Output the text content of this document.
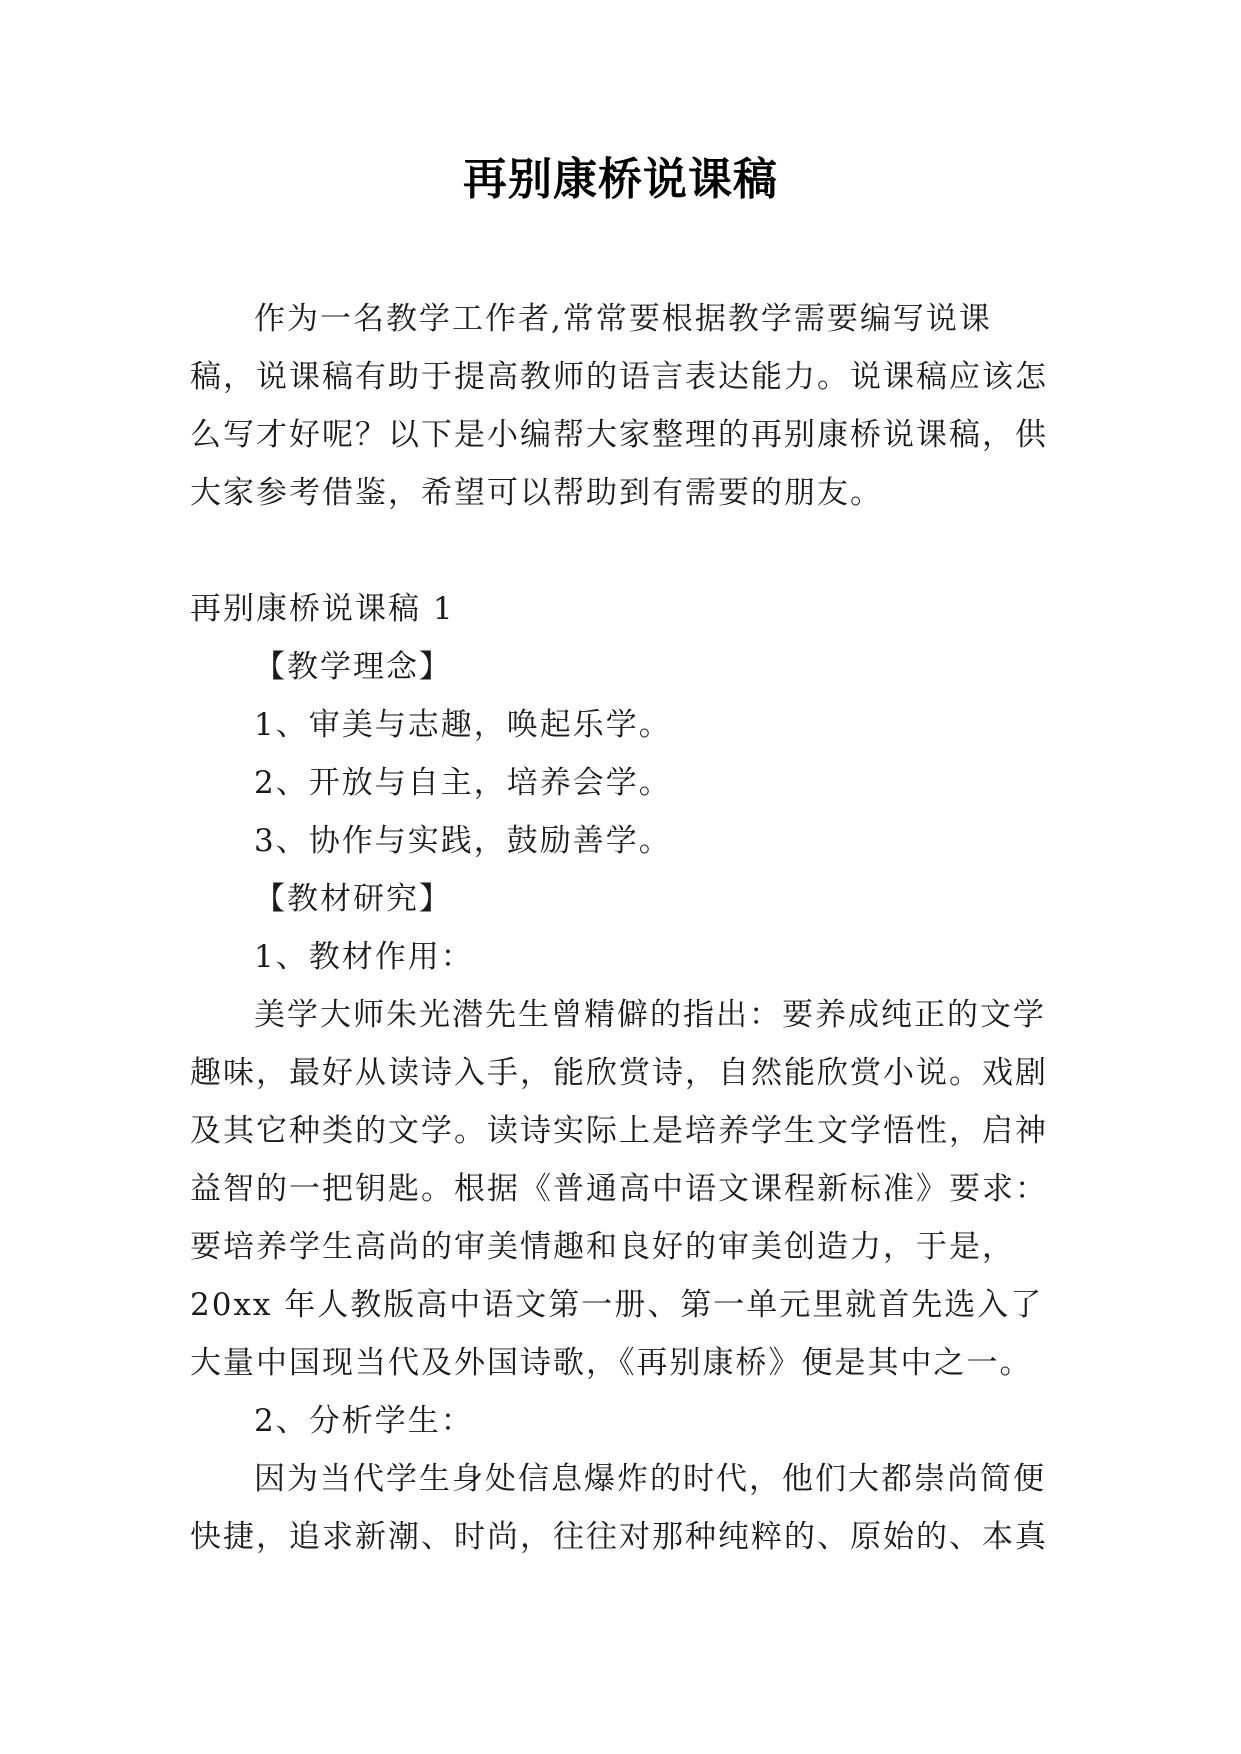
再别康桥说课稿

作为一名教学工作者,常常要根据教学需要编写说课稿，说课稿有助于提高教师的语言表达能力。说课稿应该怎么写才好呢？以下是小编帮大家整理的再别康桥说课稿，供大家参考借鉴，希望可以帮助到有需要的朋友。

再别康桥说课稿 1

【教学理念】

1、审美与志趣，唤起乐学。

2、开放与自主，培养会学。

3、协作与实践，鼓励善学。

【教材研究】

1、教材作用：

美学大师朱光潜先生曾精僻的指出：要养成纯正的文学趣味，最好从读诗入手，能欣赏诗，自然能欣赏小说。戏剧及其它种类的文学。读诗实际上是培养学生文学悟性，启神益智的一把钥匙。根据《普通高中语文课程新标准》要求：要培养学生高尚的审美情趣和良好的审美创造力，于是，20xx 年人教版高中语文第一册、第一单元里就首先选入了大量中国现当代及外国诗歌，《再别康桥》便是其中之一。

2、分析学生：

因为当代学生身处信息爆炸的时代，他们大都崇尚简便快捷，追求新潮、时尚，往往对那种纯粹的、原始的、本真
